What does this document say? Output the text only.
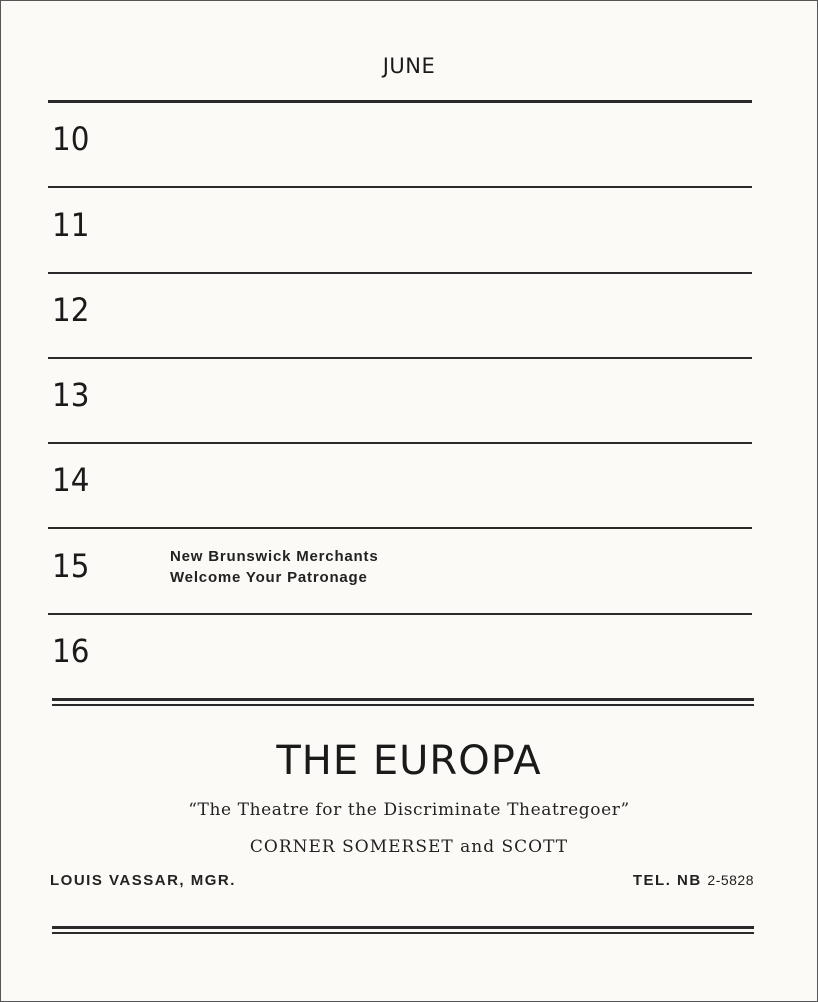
JUNE
10
11
12
13
14
15	New Brunswick Merchants
Welcome Your Patronage
16
THE EUROPA
“The Theatre for the Discriminate Theatregoer”
CORNER SOMERSET and SCOTT
LOUIS VASSAR, MGR.	TEL. NB 2-5828
